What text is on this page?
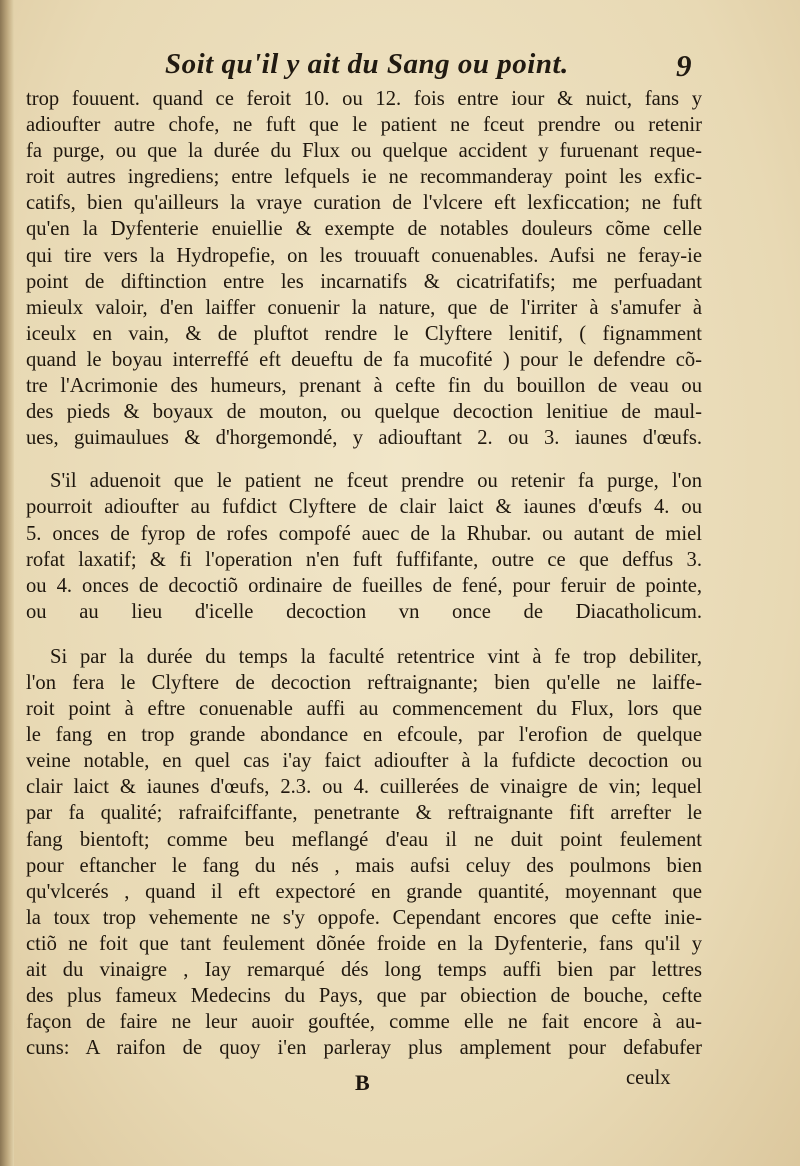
Soit qu'il y ait du Sang ou point.	9

trop fouuent. quand ce feroit 10. ou 12. fois entre iour & nuict, fans y
adioufter autre chofe, ne fuft que le patient ne fceut prendre ou retenir
fa purge, ou que la durée du Flux ou quelque accident y furuenant reque-
roit autres ingrediens; entre lefquels ie ne recommanderay point les exfic-
catifs, bien qu'ailleurs la vraye curation de l'vlcere eft lexficcation; ne fuft
qu'en la Dyfenterie enuiellie & exempte de notables douleurs cõme celle
qui tire vers la Hydropefie, on les trouuaft conuenables. Aufsi ne feray-ie
point de diftinction entre les incarnatifs & cicatrifatifs; me perfuadant
mieulx valoir, d'en laiffer conuenir la nature, que de l'irriter à s'amufer à
iceulx en vain, & de pluftot rendre le Clyftere lenitif, ( fignamment
quand le boyau interreffé eft deueftu de fa mucofité ) pour le defendre cõ-
tre l'Acrimonie des humeurs, prenant à cefte fin du bouillon de veau ou
des pieds & boyaux de mouton, ou quelque decoction lenitiue de maul-
ues, guimaulues & d'horgemondé, y adiouftant 2. ou 3. iaunes d'œufs.

S'il aduenoit que le patient ne fceut prendre ou retenir fa purge, l'on
pourroit adioufter au fufdict Clyftere de clair laict & iaunes d'œufs 4. ou
5. onces de fyrop de rofes compofé auec de la Rhubar. ou autant de miel
rofat laxatif; & fi l'operation n'en fuft fuffifante, outre ce que deffus 3.
ou 4. onces de decoctiõ ordinaire de fueilles de fené, pour feruir de pointe,
ou au lieu d'icelle decoction vn once de Diacatholicum.

Si par la durée du temps la faculté retentrice vint à fe trop debiliter,
l'on fera le Clyftere de decoction reftraignante; bien qu'elle ne laiffe-
roit point à eftre conuenable auffi au commencement du Flux, lors que
le fang en trop grande abondance en efcoule, par l'erofion de quelque
veine notable, en quel cas i'ay faict adioufter à la fufdicte decoction ou
clair laict & iaunes d'œufs, 2.3. ou 4. cuillerées de vinaigre de vin; lequel
par fa qualité; rafraifciffante, penetrante & reftraignante fift arrefter le
fang bientoft; comme beu meflangé d'eau il ne duit point feulement
pour eftancher le fang du nés , mais aufsi celuy des poulmons bien
qu'vlcerés , quand il eft expectoré en grande quantité, moyennant que
la toux trop vehemente ne s'y oppofe. Cependant encores que cefte inie-
ctiõ ne foit que tant feulement dõnée froide en la Dyfenterie, fans qu'il y
ait du vinaigre , Iay remarqué dés long temps auffi bien par lettres
des plus fameux Medecins du Pays, que par obiection de bouche, cefte
façon de faire ne leur auoir gouftée, comme elle ne fait encore à au-
cuns: A raifon de quoy i'en parleray plus amplement pour defabufer

B	ceulx
